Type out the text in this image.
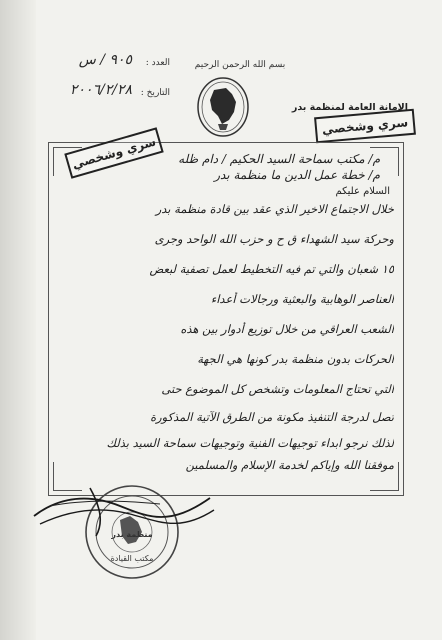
بسم الله الرحمن الرحيم
الامانة العامة لمنظمة بدر
سري وشخصي
العدد :
٩٠٥ / س
التاريخ :
٢٠٠٦/٢/٢٨
سري وشخصي	م/ مكتب سماحة السيد الحكيم / دام ظله
م/ خطة عمل الدين ما منظمة بدر
السلام عليكم
خلال الاجتماع الاخير الذي عقد بين قادة منظمة بدر
وحركة سيد الشهداء ق ح و حزب الله الواحد وجرى
١٥ شعبان والتي تم فيه التخطيط لعمل تصفية لبعض
العناصر الوهابية والبعثية ورجالات أعداء
الشعب العراقي من خلال توزيع أدوار بين هذه
الحركات بدون منظمة بدر كونها هي الجهة
التي تحتاج المعلومات وتشخص كل الموضوع حتى
تصل لدرجة التنفيذ مكونة من الطرق الآتية المذكورة
لذلك نرجو ابداء توجيهات الفنية وتوجيهات سماحة السيد بذلك
موفقنا الله وإياكم لخدمة الإسلام والمسلمين
منظمة بدر
مكتب القيادة
